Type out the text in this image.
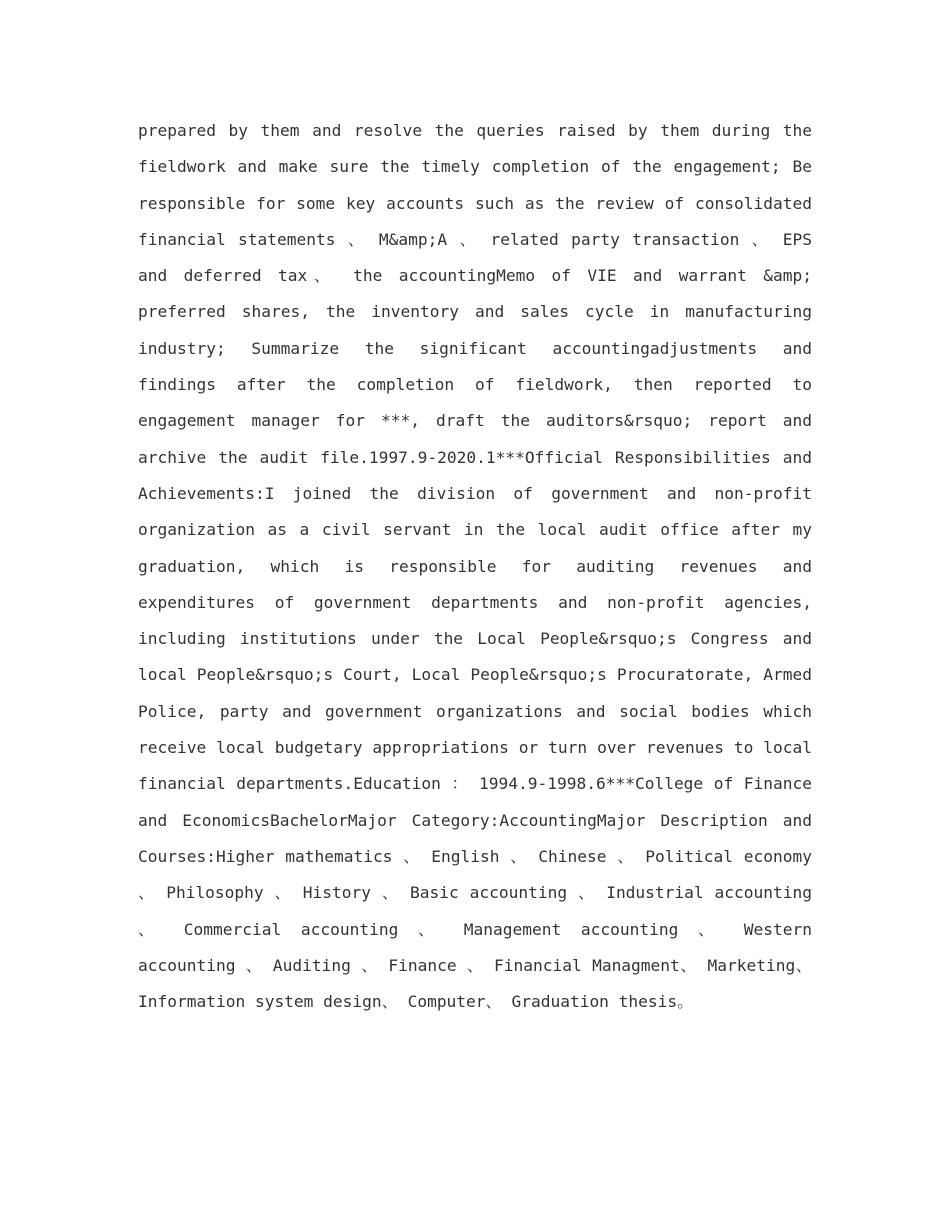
prepared by them and resolve the queries raised by them during the fieldwork and make sure the timely completion of the engagement; Be responsible for some key accounts such as the review of consolidated financial statements 、 M&amp;A 、 related party transaction 、 EPS and deferred tax、 the accountingMemo of VIE and warrant &amp; preferred shares, the inventory and sales cycle in manufacturing industry; Summarize the significant accountingadjustments and findings after the completion of fieldwork, then reported to engagement manager for ***, draft the auditors&rsquo; report and archive the audit file.1997.9-2020.1***Official Responsibilities and Achievements:I joined the division of government and non-profit organization as a civil servant in the local audit office after my graduation, which is responsible for auditing revenues and expenditures of government departments and non-profit agencies, including institutions under the Local People&rsquo;s Congress and local People&rsquo;s Court, Local People&rsquo;s Procuratorate, Armed Police, party and government organizations and social bodies which receive local budgetary appropriations or turn over revenues to local financial departments.Education ： 1994.9-1998.6***College of Finance and EconomicsBachelorMajor Category:AccountingMajor Description and Courses:Higher mathematics 、 English 、 Chinese 、 Political economy 、 Philosophy 、 History 、 Basic accounting 、 Industrial accounting 、 Commercial accounting 、 Management accounting 、 Western accounting 、 Auditing 、 Finance 、 Financial Managment、 Marketing、 Information system design、 Computer、 Graduation thesis。
